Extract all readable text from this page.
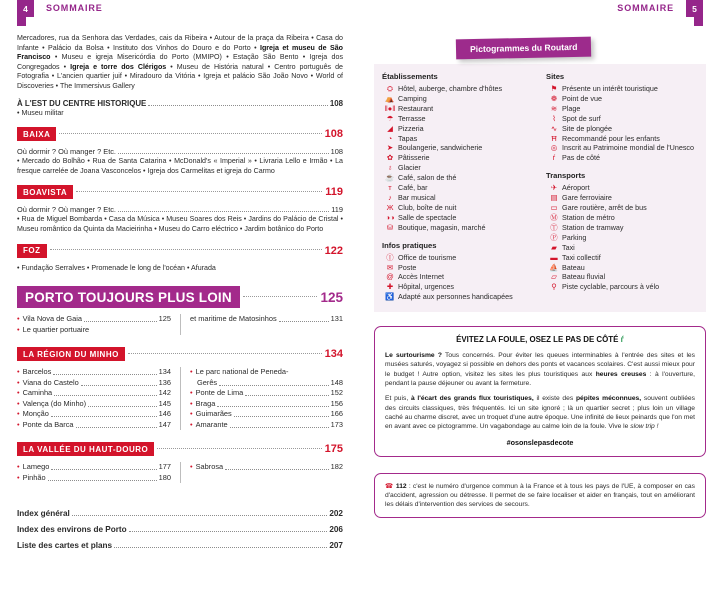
4	SOMMAIRE
Mercadores, rua da Senhora das Verdades, cais da Ribeira • Autour de la praça da Ribeira • Casa do Infante • Palácio da Bolsa • Instituto dos Vinhos do Douro e do Porto • Igreja et museu de São Francisco • Museu e igreja Misericórdia do Porto (MMIPO) • Estação São Bento • Igreja dos Congregados • Igreja e torre dos Clérigos • Museu de História natural • Centro português de Fotografia • L'ancien quartier juif • Miradouro da Vitória • Igreja et palácio São João Novo • World of Discoveries • The Immersivus Gallery
À L'EST DU CENTRE HISTORIQUE	108
• Museu militar
BAIXA	108
Où dormir ? Où manger ? Etc.	108
• Mercado do Bolhão • Rua de Santa Catarina • McDonald's « Imperial » • Livraria Lello e Irmão • La fresque carrelée de Joana Vasconcelos • Igreja dos Carmelitas et igreja do Carmo
BOAVISTA	119
Où dormir ? Où manger ? Etc.	119
• Rua de Miguel Bombarda • Casa da Música • Museu Soares dos Reis • Jardins do Palácio de Cristal • Museu romântico da Quinta da Macieirinha • Museu do Carro eléctrico • Jardim botânico do Porto
FOZ	122
• Fundação Serralves • Promenade le long de l'océan • Afurada
PORTO TOUJOURS PLUS LOIN	125
• Vila Nova de Gaia	125
• Le quartier portuaire
et maritime de Matosinhos	131
LA RÉGION DU MINHO	134
• Barcelos	134
• Viana do Castelo	136
• Caminha	142
• Valença (do Minho)	145
• Monção	146
• Ponte da Barca	147
• Le parc national de Peneda-
Gerês	148
• Ponte de Lima	152
• Braga	156
• Guimarães	166
• Amarante	173
LA VALLÉE DU HAUT-DOURO	175
• Lamego	177
• Pinhão	180
• Sabrosa	182
Index général	202
Index des environs de Porto	206
Liste des cartes et plans	207
SOMMAIRE	5
Pictogrammes du Routard
Établissements
⛭ Hôtel, auberge, chambre d'hôtes
⛺ Camping
‖●‖ Restaurant
☂ Terrasse
◢ Pizzeria
◔ Tapas
➤ Boulangerie, sandwicherie
✿ Pâtisserie
♁ Glacier
☕ Café, salon de thé
ᴛ Café, bar
♪ Bar musical
Ж Club, boîte de nuit
◑◑ Salle de spectacle
⛁ Boutique, magasin, marché
Infos pratiques
Ⓘ Office de tourisme
✉ Poste
@ Accès Internet
✚ Hôpital, urgences
♿ Adapté aux personnes handicapées
Sites
⚑ Présente un intérêt touristique
❁ Point de vue
≋ Plage
⌇ Spot de surf
∿ Site de plongée
Ħ Recommandé pour les enfants
◎ Inscrit au Patrimoine mondial de l'Unesco
ѓ Pas de côté
Transports
✈ Aéroport
▤ Gare ferroviaire
▭ Gare routière, arrêt de bus
Ⓜ Station de métro
Ⓣ Station de tramway
Ⓟ Parking
▰ Taxi
▬ Taxi collectif
⛵ Bateau
▱ Bateau fluvial
⚲ Piste cyclable, parcours à vélo
ÉVITEZ LA FOULE, OSEZ LE PAS DE CÔTÉ ѓ

Le surtourisme ? Tous concernés. Pour éviter les queues interminables à l'entrée des sites et les musées saturés, voyagez si possible en dehors des ponts et vacances scolaires. C'est aussi mieux pour le budget ! Autre option, visitez les sites les plus touristiques aux heures creuses : à l'ouverture, pendant la pause déjeuner ou avant la fermeture.

Et puis, à l'écart des grands flux touristiques, il existe des pépites méconnues, souvent oubliées des circuits classiques, très fréquentés. Ici un site ignoré ; là un quartier secret ; plus loin un village caché au charme discret, avec un troquet d'une autre époque. Une infinité de lieux peinards que l'on met en avant avec ce pictogramme. Un vagabondage au calme loin de la foule. Vive le slow trip !

#osonslepasdecote

☎ 112 : c'est le numéro d'urgence commun à la France et à tous les pays de l'UE, à composer en cas d'accident, agression ou détresse. Il permet de se faire localiser et aider en français, tout en améliorant les délais d'intervention des services de secours.
